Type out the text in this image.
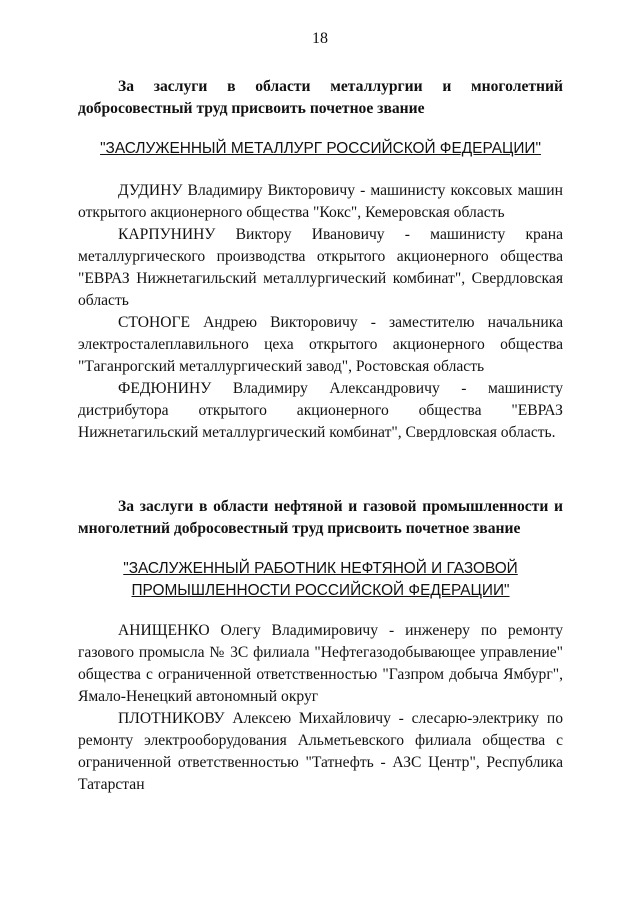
18
За заслуги в области металлургии и многолетний добросовестный труд присвоить почетное звание
"ЗАСЛУЖЕННЫЙ МЕТАЛЛУРГ РОССИЙСКОЙ ФЕДЕРАЦИИ"

ДУДИНУ Владимиру Викторовичу - машинисту коксовых машин открытого акционерного общества "Кокс", Кемеровская область

КАРПУНИНУ Виктору Ивановичу - машинисту крана металлургического производства открытого акционерного общества "ЕВРАЗ Нижнетагильский металлургический комбинат", Свердловская область

СТОНОГЕ Андрею Викторовичу - заместителю начальника электросталеплавильного цеха открытого акционерного общества "Таганрогский металлургический завод", Ростовская область

ФЕДЮНИНУ Владимиру Александровичу - машинисту дистрибутора открытого акционерного общества "ЕВРАЗ Нижнетагильский металлургический комбинат", Свердловская область.

За заслуги в области нефтяной и газовой промышленности и многолетний добросовестный труд присвоить почетное звание
"ЗАСЛУЖЕННЫЙ РАБОТНИК НЕФТЯНОЙ И ГАЗОВОЙ
ПРОМЫШЛЕННОСТИ РОССИЙСКОЙ ФЕДЕРАЦИИ"

АНИЩЕНКО Олегу Владимировичу - инженеру по ремонту газового промысла № 3С филиала "Нефтегазодобывающее управление" общества с ограниченной ответственностью "Газпром добыча Ямбург", Ямало-Ненецкий автономный округ

ПЛОТНИКОВУ Алексею Михайловичу - слесарю-электрику по ремонту электрооборудования Альметьевского филиала общества с ограниченной ответственностью "Татнефть - АЗС Центр", Республика Татарстан
